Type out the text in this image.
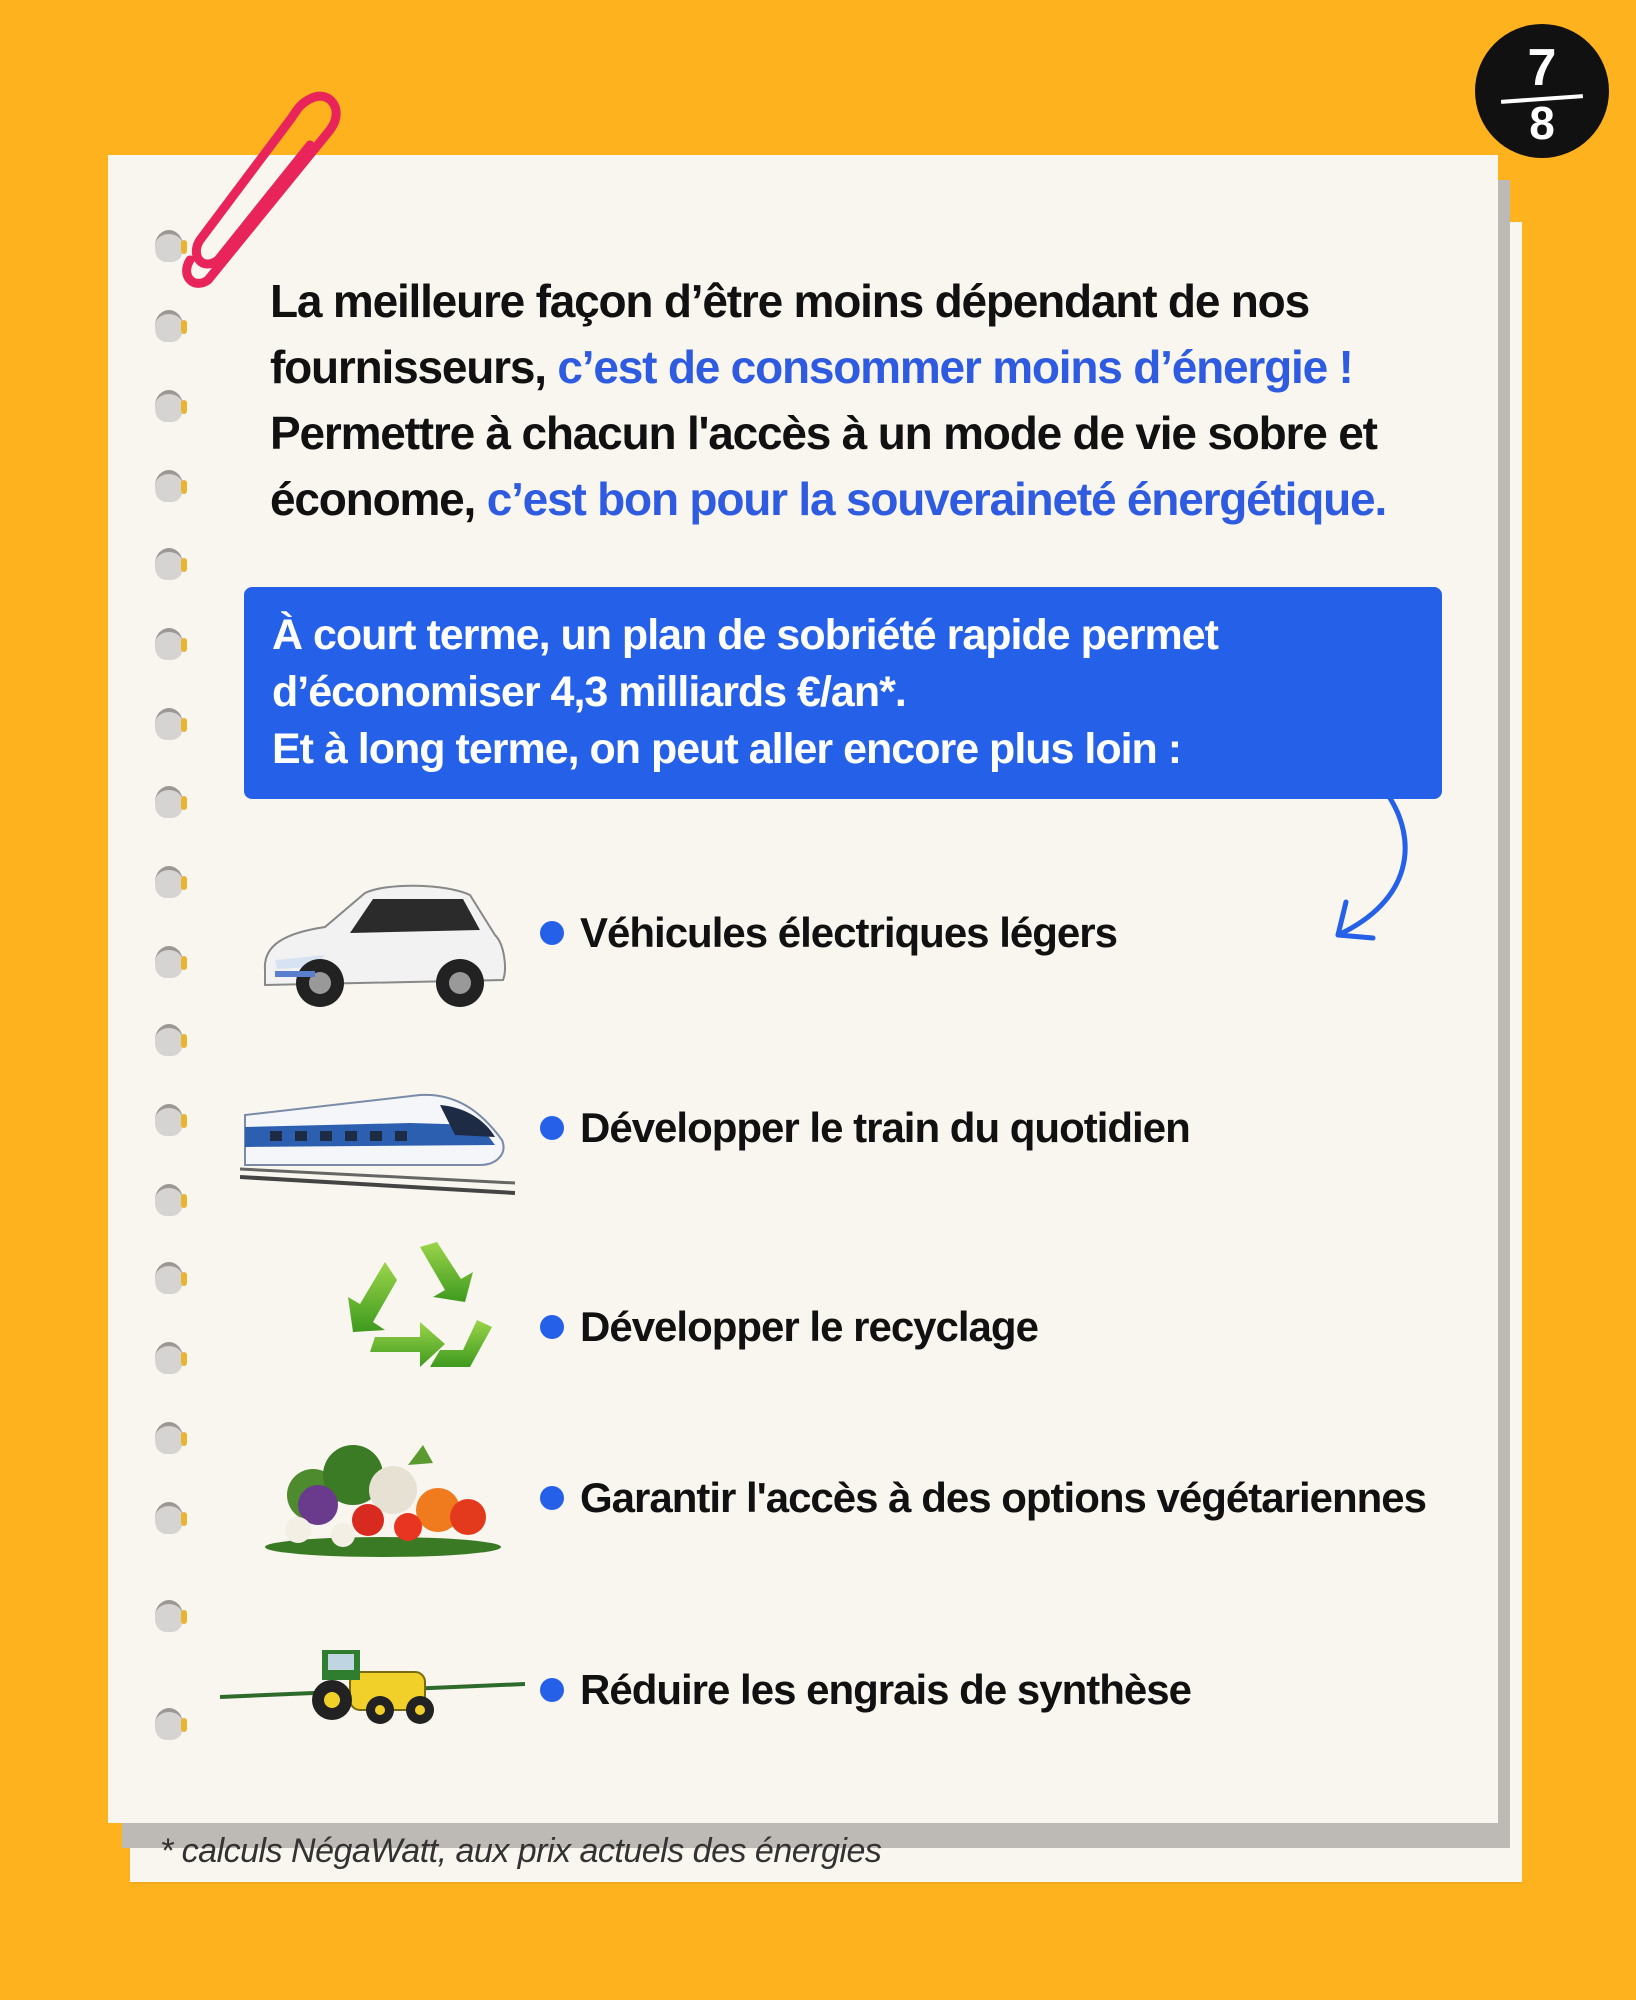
7
8
La meilleure façon d’être moins dépendant de nos
fournisseurs, c’est de consommer moins d’énergie !
Permettre à chacun l'accès à un mode de vie sobre et
économe, c’est bon pour la souveraineté énergétique.
À court terme, un plan de sobriété rapide permet
d’économiser 4,3 milliards €/an*.
Et à long terme, on peut aller encore plus loin :
Véhicules électriques légers
Développer le train du quotidien
Développer le recyclage
Garantir l'accès à des options végétariennes
Réduire les engrais de synthèse
* calculs NégaWatt, aux prix actuels des énergies
